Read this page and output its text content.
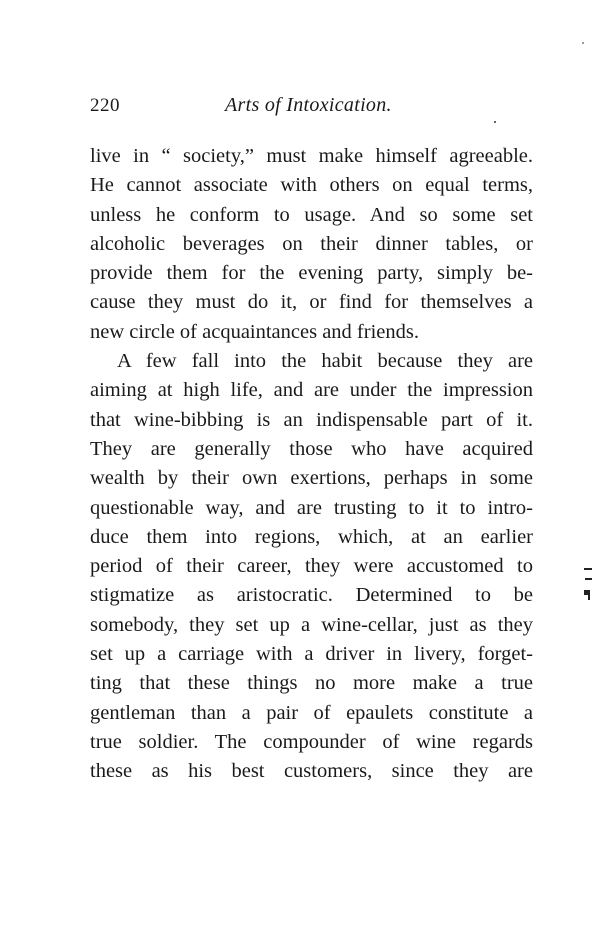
220	Arts of Intoxication.
live in “ society,” must make himself agreeable.
He cannot associate with others on equal terms,
unless he conform to usage. And so some set
alcoholic beverages on their dinner tables, or
provide them for the evening party, simply be-
cause they must do it, or find for themselves a
new circle of acquaintances and friends.
A few fall into the habit because they are
aiming at high life, and are under the impression
that wine-bibbing is an indispensable part of it.
They are generally those who have acquired
wealth by their own exertions, perhaps in some
questionable way, and are trusting to it to intro-
duce them into regions, which, at an earlier
period of their career, they were accustomed to
stigmatize as aristocratic. Determined to be
somebody, they set up a wine-cellar, just as they
set up a carriage with a driver in livery, forget-
ting that these things no more make a true
gentleman than a pair of epaulets constitute a
true soldier. The compounder of wine regards
these as his best customers, since they are
